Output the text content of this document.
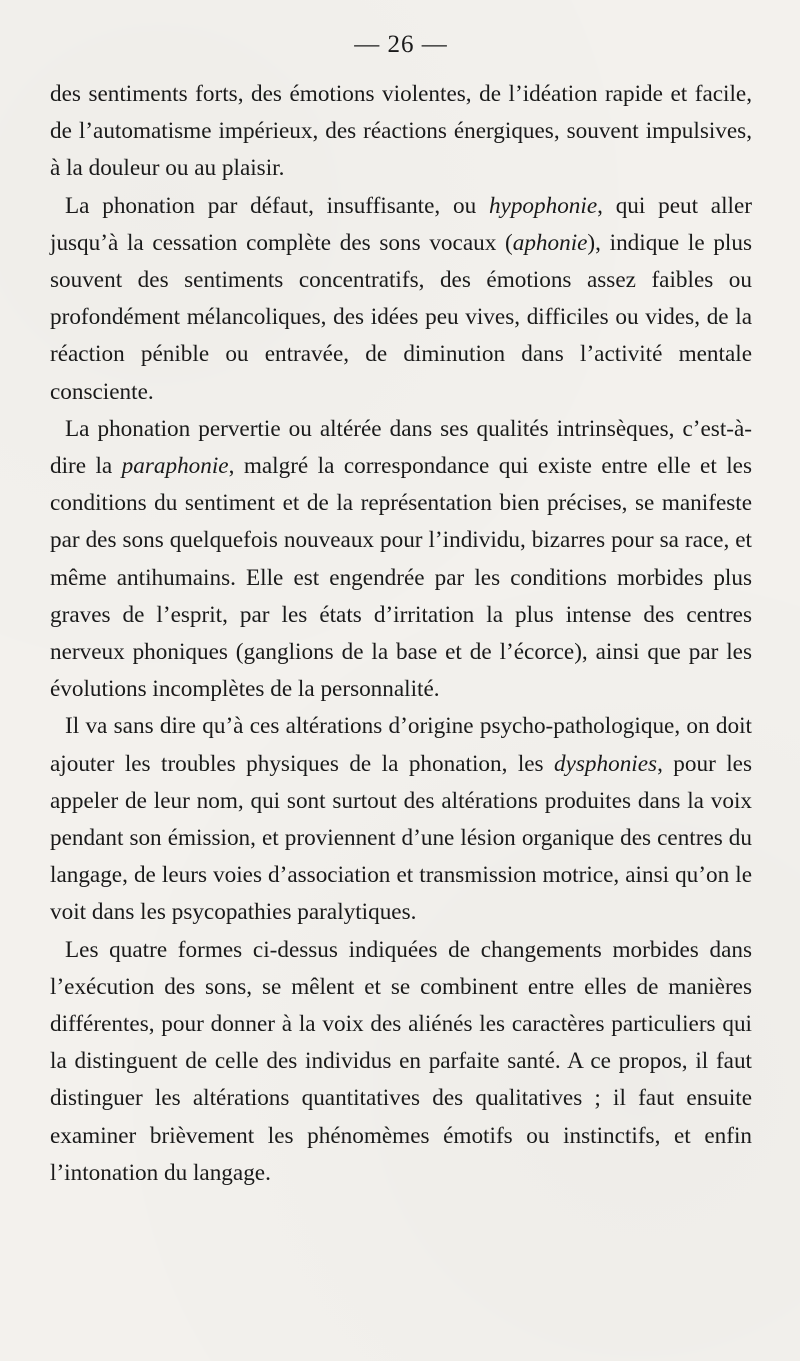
— 26 —

des sentiments forts, des émotions violentes, de l’idéation rapide et facile, de l’automatisme impérieux, des réactions énergiques, souvent impulsives, à la douleur ou au plaisir.

La phonation par défaut, insuffisante, ou hypophonie, qui peut aller jusqu’à la cessation complète des sons vocaux (aphonie), indique le plus souvent des sentiments concentratifs, des émotions assez faibles ou profondément mélancoliques, des idées peu vives, difficiles ou vides, de la réaction pénible ou entravée, de diminution dans l’activité mentale consciente.

La phonation pervertie ou altérée dans ses qualités intrinsèques, c’est-à-dire la paraphonie, malgré la correspondance qui existe entre elle et les conditions du sentiment et de la représentation bien précises, se manifeste par des sons quelquefois nouveaux pour l’individu, bizarres pour sa race, et même antihumains. Elle est engendrée par les conditions morbides plus graves de l’esprit, par les états d’irritation la plus intense des centres nerveux phoniques (ganglions de la base et de l’écorce), ainsi que par les évolutions incomplètes de la personnalité.

Il va sans dire qu’à ces altérations d’origine psycho-pathologique, on doit ajouter les troubles physiques de la phonation, les dysphonies, pour les appeler de leur nom, qui sont surtout des altérations produites dans la voix pendant son émission, et proviennent d’une lésion organique des centres du langage, de leurs voies d’association et transmission motrice, ainsi qu’on le voit dans les psycopathies paralytiques.

Les quatre formes ci-dessus indiquées de changements morbides dans l’exécution des sons, se mêlent et se combinent entre elles de manières différentes, pour donner à la voix des aliénés les caractères particuliers qui la distinguent de celle des individus en parfaite santé. A ce propos, il faut distinguer les altérations quantitatives des qualitatives ; il faut ensuite examiner brièvement les phénomèmes émotifs ou instinctifs, et enfin l’intonation du langage.
